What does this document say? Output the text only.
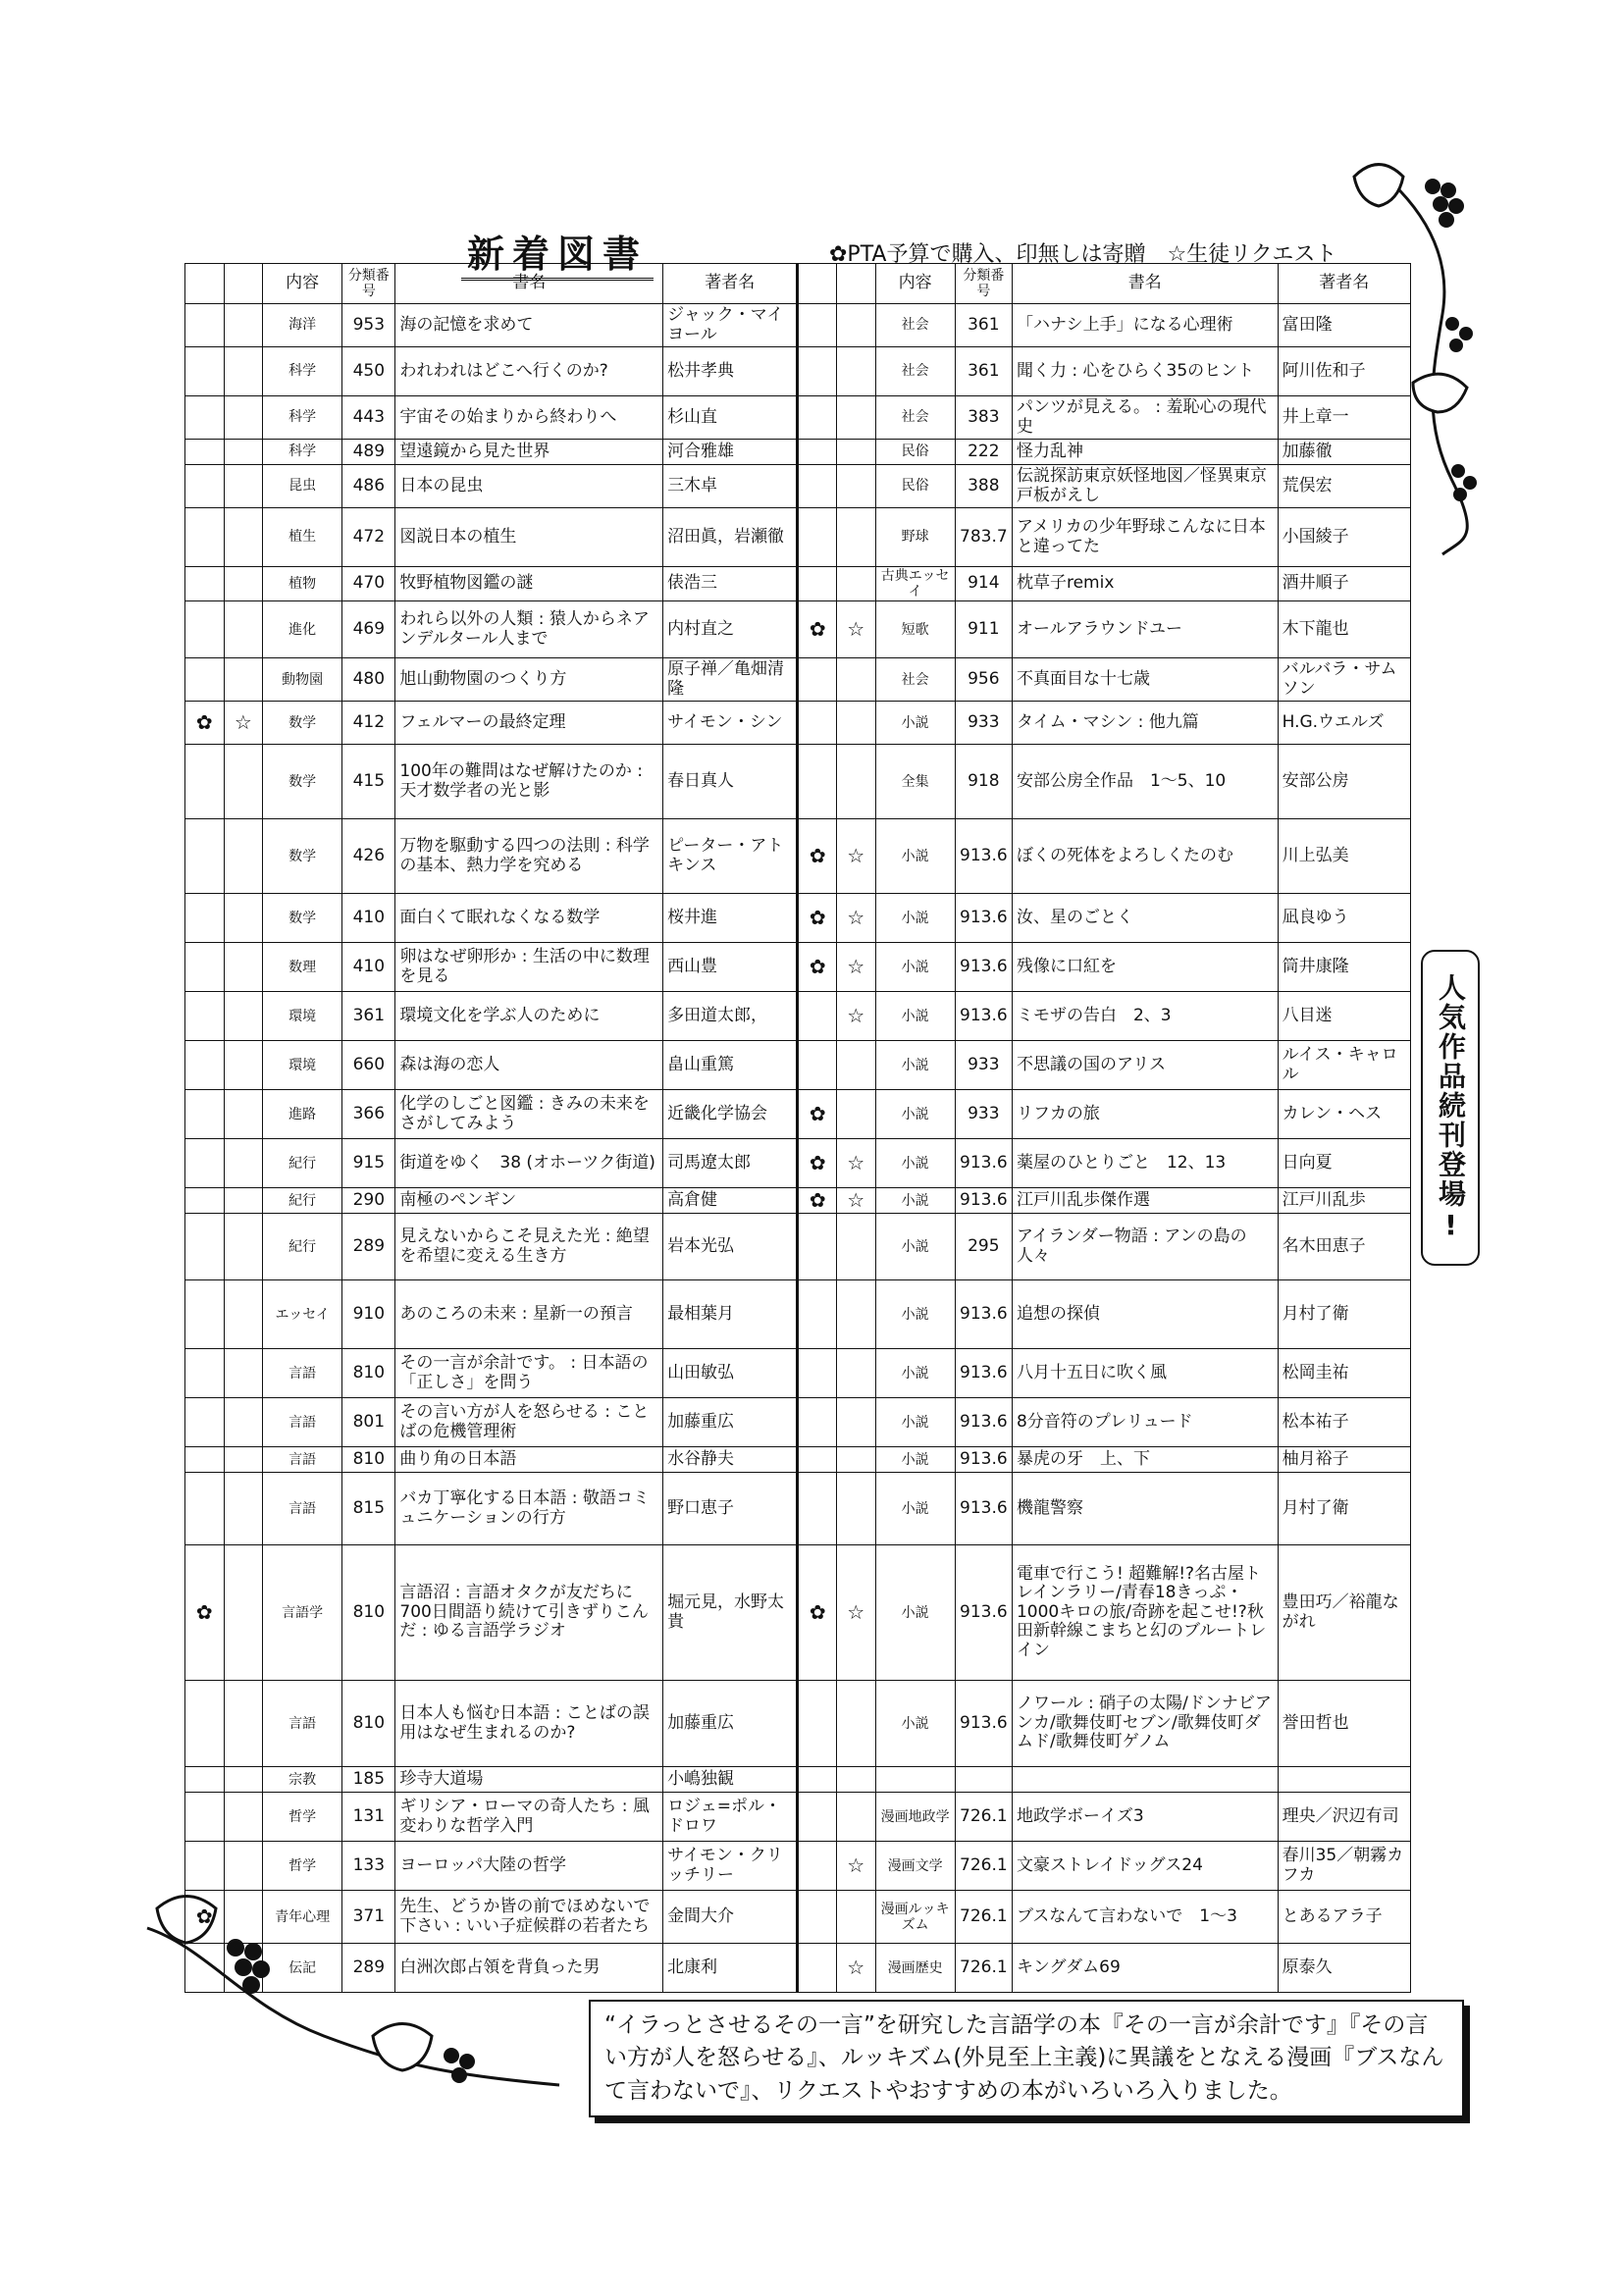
新着図書	✿PTA予算で購入、印無しは寄贈　☆生徒リクエスト
		内容	分類番号	書名	著者名			内容	分類番号	書名	著者名
		海洋	953	海の記憶を求めて	ジャック・マイヨール			社会	361	「ハナシ上手」になる心理術	富田隆
		科学	450	われわれはどこへ行くのか?	松井孝典			社会	361	聞く力 : 心をひらく35のヒント	阿川佐和子
		科学	443	宇宙その始まりから終わりへ	杉山直			社会	383	パンツが見える。 : 羞恥心の現代史	井上章一
		科学	489	望遠鏡から見た世界	河合雅雄			民俗	222	怪力乱神	加藤徹
		昆虫	486	日本の昆虫	三木卓			民俗	388	伝説探訪東京妖怪地図／怪異東京戸板がえし	荒俣宏
		植生	472	図説日本の植生	沼田眞，岩瀬徹			野球	783.7	アメリカの少年野球こんなに日本と違ってた	小国綾子
		植物	470	牧野植物図鑑の謎	俵浩三			古典エッセイ	914	枕草子remix	酒井順子
		進化	469	われら以外の人類 : 猿人からネアンデルタール人まで	内村直之	✿	☆	短歌	911	オールアラウンドユー	木下龍也
		動物園	480	旭山動物園のつくり方	原子禅／亀畑清隆			社会	956	不真面目な十七歳	バルバラ・サムソン
✿	☆	数学	412	フェルマーの最終定理	サイモン・シン			小説	933	タイム・マシン : 他九篇	H.G.ウエルズ
		数学	415	100年の難問はなぜ解けたのか : 天才数学者の光と影	春日真人			全集	918	安部公房全作品　1～5、10	安部公房
		数学	426	万物を駆動する四つの法則 : 科学の基本、熱力学を究める	ピーター・アトキンス	✿	☆	小説	913.6	ぼくの死体をよろしくたのむ	川上弘美
		数学	410	面白くて眠れなくなる数学	桜井進	✿	☆	小説	913.6	汝、星のごとく	凪良ゆう
		数理	410	卵はなぜ卵形か : 生活の中に数理を見る	西山豊	✿	☆	小説	913.6	残像に口紅を	筒井康隆
		環境	361	環境文化を学ぶ人のために	多田道太郎，		☆	小説	913.6	ミモザの告白　2、3	八目迷
		環境	660	森は海の恋人	畠山重篤			小説	933	不思議の国のアリス	ルイス・キャロル
		進路	366	化学のしごと図鑑 : きみの未来をさがしてみよう	近畿化学協会	✿		小説	933	リフカの旅	カレン・ヘス
		紀行	915	街道をゆく　38 (オホーツク街道)	司馬遼太郎	✿	☆	小説	913.6	薬屋のひとりごと　12、13	日向夏
		紀行	290	南極のペンギン	高倉健	✿	☆	小説	913.6	江戸川乱歩傑作選	江戸川乱歩
		紀行	289	見えないからこそ見えた光 : 絶望を希望に変える生き方	岩本光弘			小説	295	アイランダー物語 : アンの島の人々	名木田恵子
		エッセイ	910	あのころの未来 : 星新一の預言	最相葉月			小説	913.6	追想の探偵	月村了衛
		言語	810	その一言が余計です。 : 日本語の「正しさ」を問う	山田敏弘			小説	913.6	八月十五日に吹く風	松岡圭祐
		言語	801	その言い方が人を怒らせる : ことばの危機管理術	加藤重広			小説	913.6	8分音符のプレリュード	松本祐子
		言語	810	曲り角の日本語	水谷静夫			小説	913.6	暴虎の牙　上、下	柚月裕子
		言語	815	バカ丁寧化する日本語 : 敬語コミュニケーションの行方	野口恵子			小説	913.6	機龍警察	月村了衛
✿		言語学	810	言語沼 : 言語オタクが友だちに700日間語り続けて引きずりこんだ : ゆる言語学ラジオ	堀元見，水野太貴	✿	☆	小説	913.6	電車で行こう! 超難解!?名古屋トレインラリー/青春18きっぷ・1000キロの旅/奇跡を起こせ!?秋田新幹線こまちと幻のブルートレイン	豊田巧／裕龍ながれ
		言語	810	日本人も悩む日本語 : ことばの誤用はなぜ生まれるのか?	加藤重広			小説	913.6	ノワール : 硝子の太陽/ドンナビアンカ/歌舞伎町セブン/歌舞伎町ダムド/歌舞伎町ゲノム	誉田哲也
		宗教	185	珍寺大道場	小嶋独観						
		哲学	131	ギリシア・ローマの奇人たち : 風変わりな哲学入門	ロジェ=ポル・ドロワ			漫画地政学	726.1	地政学ボーイズ3	理央／沢辺有司
		哲学	133	ヨーロッパ大陸の哲学	サイモン・クリッチリー		☆	漫画文学	726.1	文豪ストレイドッグス24	春川35／朝霧カフカ
✿		青年心理	371	先生、どうか皆の前でほめないで下さい : いい子症候群の若者たち	金間大介			漫画ルッキズム	726.1	ブスなんて言わないで　1～3	とあるアラ子
		伝記	289	白洲次郎占領を背負った男	北康利		☆	漫画歴史	726.1	キングダム69	原泰久
人気作品続刊登場!
“イラっとさせるその一言”を研究した言語学の本『その一言が余計です』『その言い方が人を怒らせる』、ルッキズム(外見至上主義)に異議をとなえる漫画『ブスなんて言わないで』、リクエストやおすすめの本がいろいろ入りました。
